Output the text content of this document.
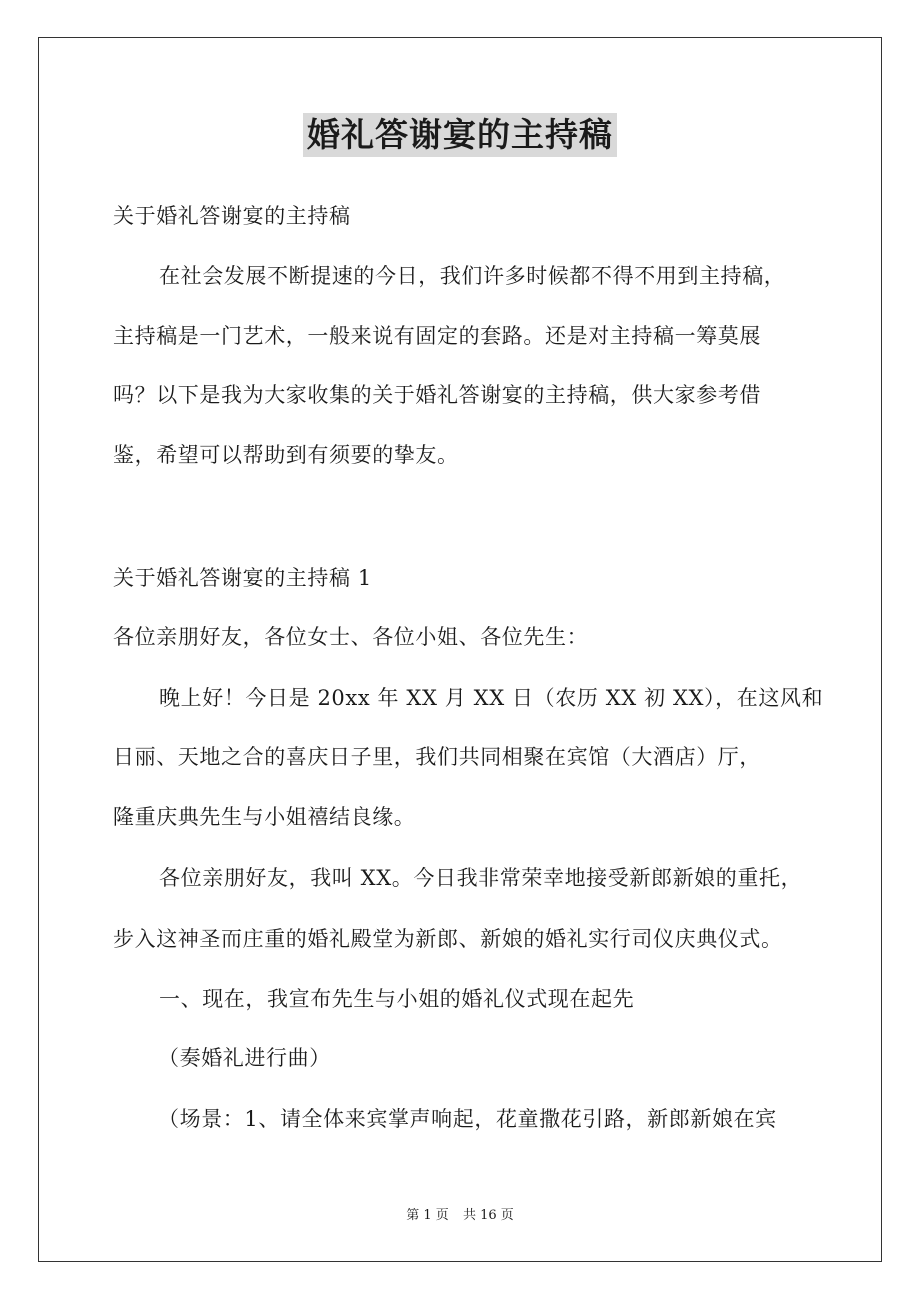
婚礼答谢宴的主持稿
关于婚礼答谢宴的主持稿
在社会发展不断提速的今日，我们许多时候都不得不用到主持稿，
主持稿是一门艺术，一般来说有固定的套路。还是对主持稿一筹莫展
吗？以下是我为大家收集的关于婚礼答谢宴的主持稿，供大家参考借
鉴，希望可以帮助到有须要的挚友。
关于婚礼答谢宴的主持稿 1
各位亲朋好友，各位女士、各位小姐、各位先生：
晚上好！今日是 20xx 年 XX 月 XX 日（农历 XX 初 XX），在这风和
日丽、天地之合的喜庆日子里，我们共同相聚在宾馆（大酒店）厅，
隆重庆典先生与小姐禧结良缘。
各位亲朋好友，我叫 XX。今日我非常荣幸地接受新郎新娘的重托，
步入这神圣而庄重的婚礼殿堂为新郎、新娘的婚礼实行司仪庆典仪式。
一、现在，我宣布先生与小姐的婚礼仪式现在起先
（奏婚礼进行曲）
（场景：1、请全体来宾掌声响起，花童撒花引路，新郎新娘在宾
第 1 页 共 16 页
